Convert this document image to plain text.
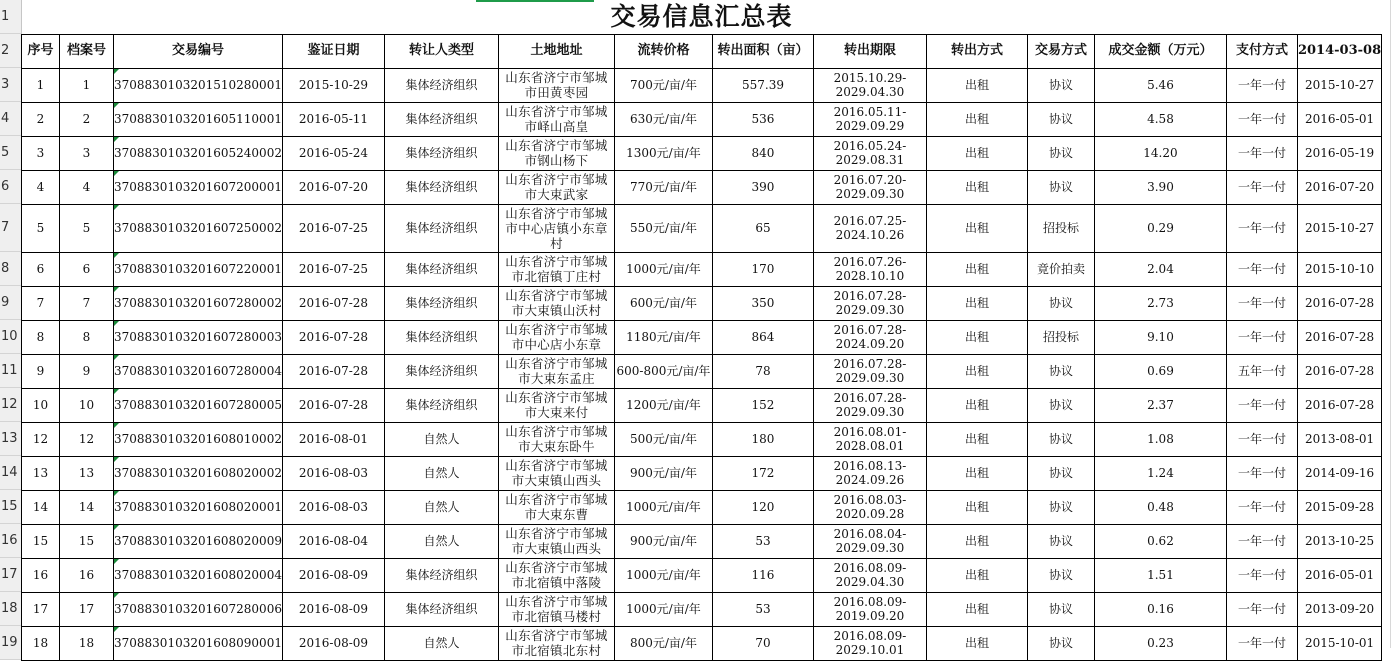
1
2
3
4
5
6
7
8
9
10
11
12
13
14
15
16
17
18
19
交易信息汇总表													
序号	档案号	交易编号	鉴证日期	转让人类型	土地地址	流转价格	转出面积（亩）	转出期限	转出方式	交易方式	成交金额（万元）	支付方式	2014-03-08
1	1	3708830103201510280001	2015-10-29	集体经济组织	山东省济宁市邹城市田黄枣园	700元/亩/年	557.39	2015.10.29-2029.04.30	出租	协议	5.46	一年一付	2015-10-27
2	2	3708830103201605110001	2016-05-11	集体经济组织	山东省济宁市邹城市峄山高皇	630元/亩/年	536	2016.05.11-2029.09.29	出租	协议	4.58	一年一付	2016-05-01
3	3	3708830103201605240002	2016-05-24	集体经济组织	山东省济宁市邹城市钢山杨下	1300元/亩/年	840	2016.05.24-2029.08.31	出租	协议	14.20	一年一付	2016-05-19
4	4	3708830103201607200001	2016-07-20	集体经济组织	山东省济宁市邹城市大束武家	770元/亩/年	390	2016.07.20-2029.09.30	出租	协议	3.90	一年一付	2016-07-20
5	5	3708830103201607250002	2016-07-25	集体经济组织	山东省济宁市邹城市中心店镇小东章村	550元/亩/年	65	2016.07.25-2024.10.26	出租	招投标	0.29	一年一付	2015-10-27
6	6	3708830103201607220001	2016-07-25	集体经济组织	山东省济宁市邹城市北宿镇丁庄村	1000元/亩/年	170	2016.07.26-2028.10.10	出租	竟价拍卖	2.04	一年一付	2015-10-10
7	7	3708830103201607280002	2016-07-28	集体经济组织	山东省济宁市邹城市大束镇山沃村	600元/亩/年	350	2016.07.28-2029.09.30	出租	协议	2.73	一年一付	2016-07-28
8	8	3708830103201607280003	2016-07-28	集体经济组织	山东省济宁市邹城市中心店小东章	1180元/亩/年	864	2016.07.28-2024.09.20	出租	招投标	9.10	一年一付	2016-07-28
9	9	3708830103201607280004	2016-07-28	集体经济组织	山东省济宁市邹城市大束东孟庄	600-800元/亩/年	78	2016.07.28-2029.09.30	出租	协议	0.69	五年一付	2016-07-28
10	10	3708830103201607280005	2016-07-28	集体经济组织	山东省济宁市邹城市大束来付	1200元/亩/年	152	2016.07.28-2029.09.30	出租	协议	2.37	一年一付	2016-07-28
12	12	3708830103201608010002	2016-08-01	自然人	山东省济宁市邹城市大束东卧牛	500元/亩/年	180	2016.08.01-2028.08.01	出租	协议	1.08	一年一付	2013-08-01
13	13	3708830103201608020002	2016-08-03	自然人	山东省济宁市邹城市大束镇山西头	900元/亩/年	172	2016.08.13-2024.09.26	出租	协议	1.24	一年一付	2014-09-16
14	14	3708830103201608020001	2016-08-03	自然人	山东省济宁市邹城市大束东曹	1000元/亩/年	120	2016.08.03-2020.09.28	出租	协议	0.48	一年一付	2015-09-28
15	15	3708830103201608020009	2016-08-04	自然人	山东省济宁市邹城市大束镇山西头	900元/亩/年	53	2016.08.04-2029.09.30	出租	协议	0.62	一年一付	2013-10-25
16	16	3708830103201608020004	2016-08-09	集体经济组织	山东省济宁市邹城市北宿镇中落陵	1000元/亩/年	116	2016.08.09-2029.04.30	出租	协议	1.51	一年一付	2016-05-01
17	17	3708830103201607280006	2016-08-09	集体经济组织	山东省济宁市邹城市北宿镇马楼村	1000元/亩/年	53	2016.08.09-2019.09.20	出租	协议	0.16	一年一付	2013-09-20
18	18	3708830103201608090001	2016-08-09	自然人	山东省济宁市邹城市北宿镇北东村	800元/亩/年	70	2016.08.09-2029.10.01	出租	协议	0.23	一年一付	2015-10-01
